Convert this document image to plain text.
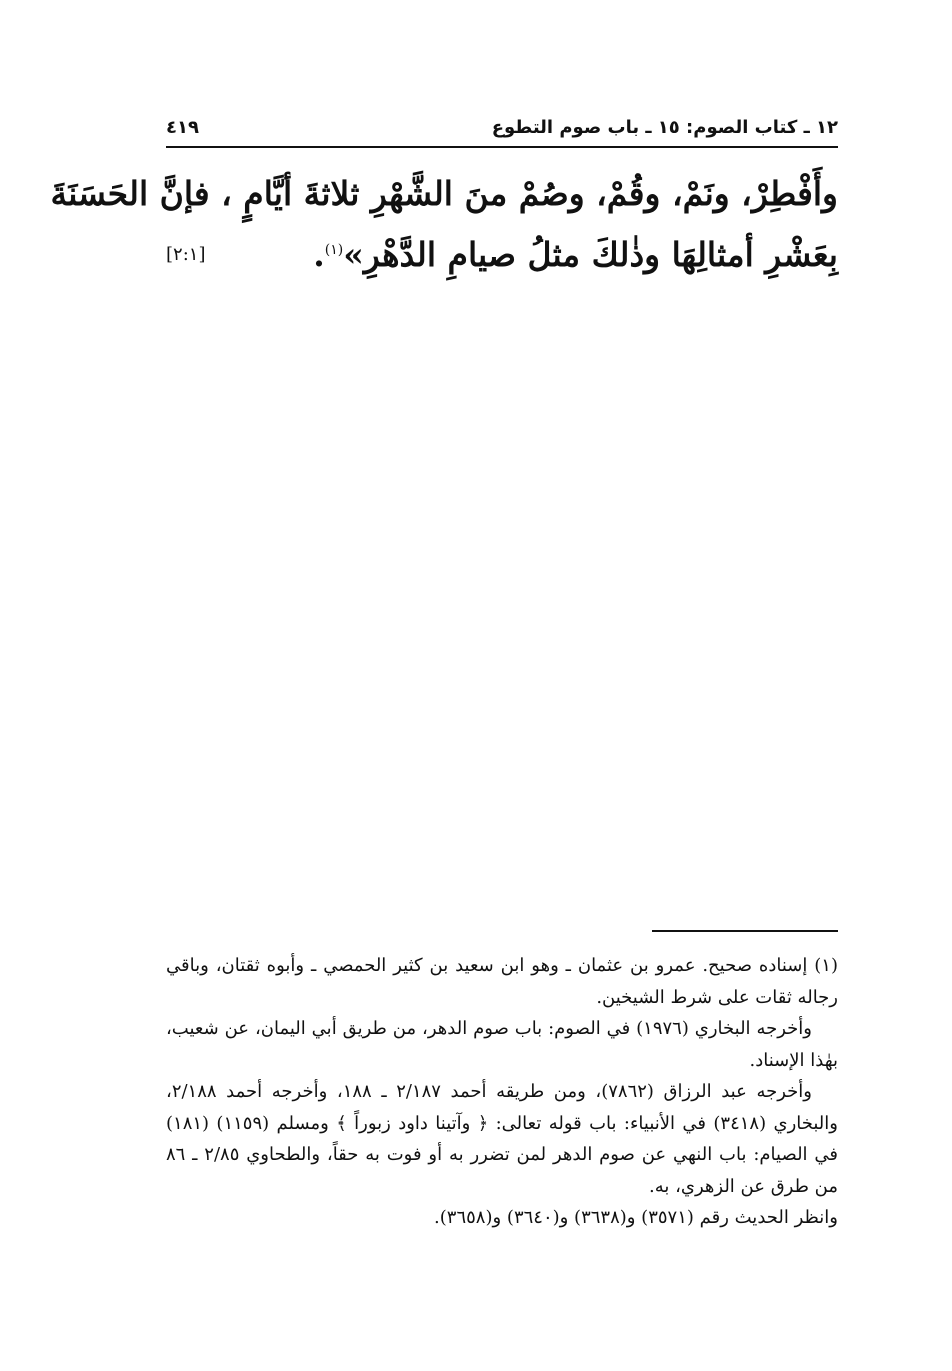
١٢ ـ كتاب الصوم: ١٥ ـ باب صوم التطوع
٤١٩
وأَفْطِرْ، ونَمْ، وقُمْ، وصُمْ منَ الشَّهْرِ ثلاثةَ أيَّامٍ ، فإنَّ الحَسَنَةَ
بِعَشْرِ أمثالِهَا وذٰلكَ مثلُ صيامِ الدَّهْرِ»$^{(١)}$.
[٢:١]

(١) إسناده صحيح. عمرو بن عثمان ـ وهو ابن سعيد بن كثير الحمصي ـ وأبوه ثقتان، وباقي رجاله ثقات على شرط الشيخين.

وأخرجه البخاري (١٩٧٦) في الصوم: باب صوم الدهر، من طريق أبي اليمان، عن شعيب، بهٰذا الإسناد.

وأخرجه عبد الرزاق (٧٨٦٢)، ومن طريقه أحمد ٢/١٨٧ ـ ١٨٨، وأخرجه أحمد ٢/١٨٨، والبخاري (٣٤١٨) في الأنبياء: باب قوله تعالى: ﴿ وآتينا داود زبوراً ﴾ ومسلم (١١٥٩) (١٨١) في الصيام: باب النهي عن صوم الدهر لمن تضرر به أو فوت به حقاً، والطحاوي ٢/٨٥ ـ ٨٦ من طرق عن الزهري، به.

وانظر الحديث رقم (٣٥٧١) و(٣٦٣٨) و(٣٦٤٠) و(٣٦٥٨).
